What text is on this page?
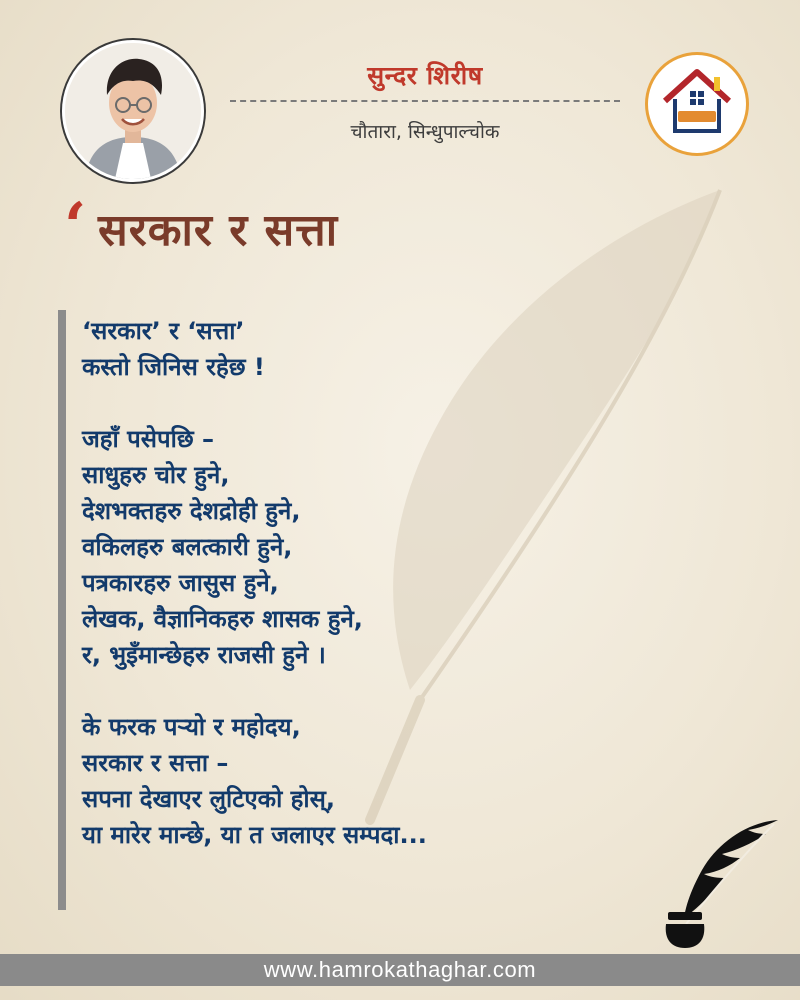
सुन्दर शिरीष
चौतारा, सिन्धुपाल्चोक
‘ सरकार र सत्ता
‘सरकार’ र ‘सत्ता’
कस्तो जिनिस रहेछ !
जहाँ पसेपछि –
साधुहरु चोर हुने,
देशभक्तहरु देशद्रोही हुने,
वकिलहरु बलत्कारी हुने,
पत्रकारहरु जासुस हुने,
लेखक, वैज्ञानिकहरु शासक हुने,
र, भुइँमान्छेहरु राजसी हुने ।
के फरक पऱ्यो र महोदय,
सरकार र सत्ता –
सपना देखाएर लुटिएको होस्,
या मारेर मान्छे, या त जलाएर सम्पदा...
www.hamrokathaghar.com
